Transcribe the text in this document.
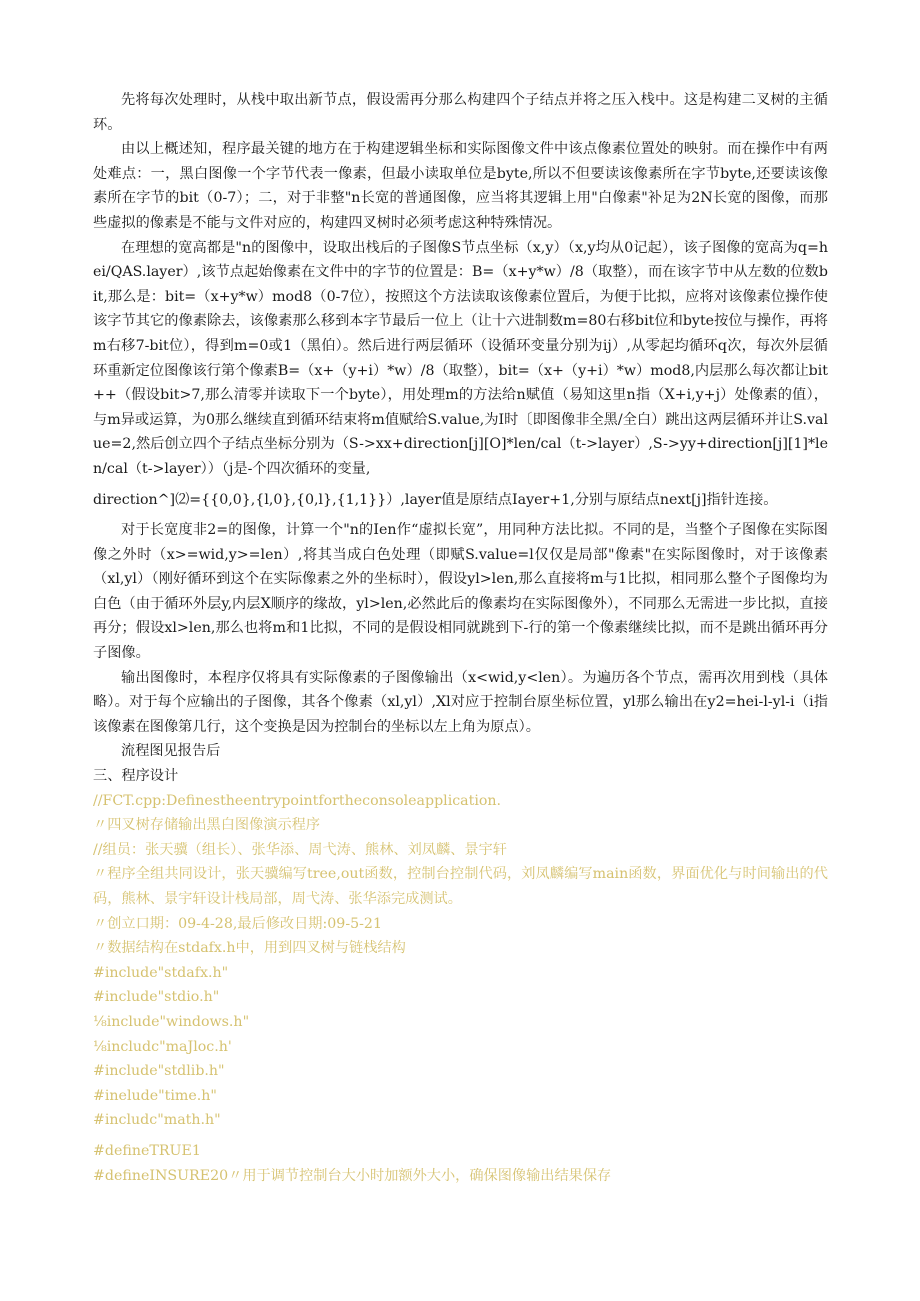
先将每次处理时，从栈中取出新节点，假设需再分那么构建四个子结点并将之压入栈中。这是构建二叉树的主循环。

由以上概述知，程序最关键的地方在于构建逻辑坐标和实际图像文件中该点像素位置处的映射。而在操作中有两处难点：一，黑白图像一个字节代表一像素，但最小读取单位是byte,所以不但要读该像素所在字节byte,还要读该像素所在字节的bit（0-7）；二，对于非整"n长宽的普通图像，应当将其逻辑上用"白像素"补足为2N长宽的图像，而那些虚拟的像素是不能与文件对应的，构建四叉树时必须考虑这种特殊情况。

在理想的宽高都是"n的图像中，设取出栈后的子图像S节点坐标（x,y）（x,y均从0记起），该子图像的宽高为q=hei/QAS.layer）,该节点起始像素在文件中的字节的位置是：B=（x+y*w）/8（取整），而在该字节中从左数的位数bit,那么是：bit=（x+y*w）mod8（0-7位），按照这个方法读取该像素位置后，为便于比拟，应将对该像素位操作使该字节其它的像素除去，该像素那么移到本字节最后一位上（让十六进制数m=80右移bit位和byte按位与操作，再将m右移7-bit位），得到m=0或1（黑伯）。然后进行两层循环（设循环变量分别为ij）,从零起均循环q次，每次外层循环重新定位图像该行第个像素B=（x+（y+i）*w）/8（取整），bit=（x+（y+i）*w）mod8,内层那么每次都让bit++（假设bit>7,那么清零并读取下一个byte），用处理m的方法给n赋值（易知这里n指（X+i,y+j）处像素的值），与m异或运算，为0那么继续直到循环结束将m值赋给S.value,为I时〔即图像非全黑/全白）跳出这两层循环并让S.value=2,然后创立四个子结点坐标分别为（S->xx+direction[j][O]*len/cal（t->layer）,S->yy+direction[j][1]*len/cal（t->layer））（j是-个四次循环的变量,

direction^]⑵={{0,0},{l,0},{0,l},{1,1}}）,layer值是原结点Iayer+1,分别与原结点next[j]指针连接。

对于长宽度非2=的图像，计算一个"n的Ien作“虚拟长宽”，用同种方法比拟。不同的是，当整个子图像在实际图像之外时（x>=wid,y>=len）,将其当成白色处理（即赋S.value=l仅仅是局部"像素"在实际图像时，对于该像素（xl,yl）（刚好循环到这个在实际像素之外的坐标时），假设yl>len,那么直接将m与1比拟，相同那么整个子图像均为白色（由于循环外层y,内层X顺序的缘故，yl>len,必然此后的像素均在实际图像外），不同那么无需进一步比拟，直接再分；假设xl>len,那么也将m和1比拟，不同的是假设相同就跳到下-行的第一个像素继续比拟，而不是跳出循环再分子图像。

输出图像时，本程序仅将具有实际像素的子图像输出（x<wid,y<len）。为遍历各个节点，需再次用到栈（具体略）。对于每个应输出的子图像，其各个像素（xl,yl）,Xl对应于控制台原坐标位置，yl那么输出在y2=hei-l-yl-i（i指该像素在图像第几行，这个变换是因为控制台的坐标以左上角为原点）。

流程图见报告后

三、程序设计

//FCT.cpp:Definestheentrypointfortheconsoleapplication.

〃四叉树存储输出黑白图像演示程序

//组员：张天骥（组长）、张华添、周弋涛、熊林、刘凤麟、景宇轩

〃程序全组共同设计，张天骥编写tree,out函数，控制台控制代码，刘凤麟编写main函数，界面优化与时间输出的代码，熊林、景宇轩设计栈局部，周弋涛、张华添完成测试。

〃创立口期：09-4-28,最后修改日期:09-5-21

〃数据结构在stdafx.h中，用到四叉树与链栈结构

#include"stdafx.h"

#include"stdio.h"

⅛include"windows.h"

⅛includc"maJloc.h'

#include"stdlib.h"

#inelude"time.h"

#includc"math.h"

#defineTRUE1

#defineINSURE20〃用于调节控制台大小时加额外大小，确保图像输出结果保存
